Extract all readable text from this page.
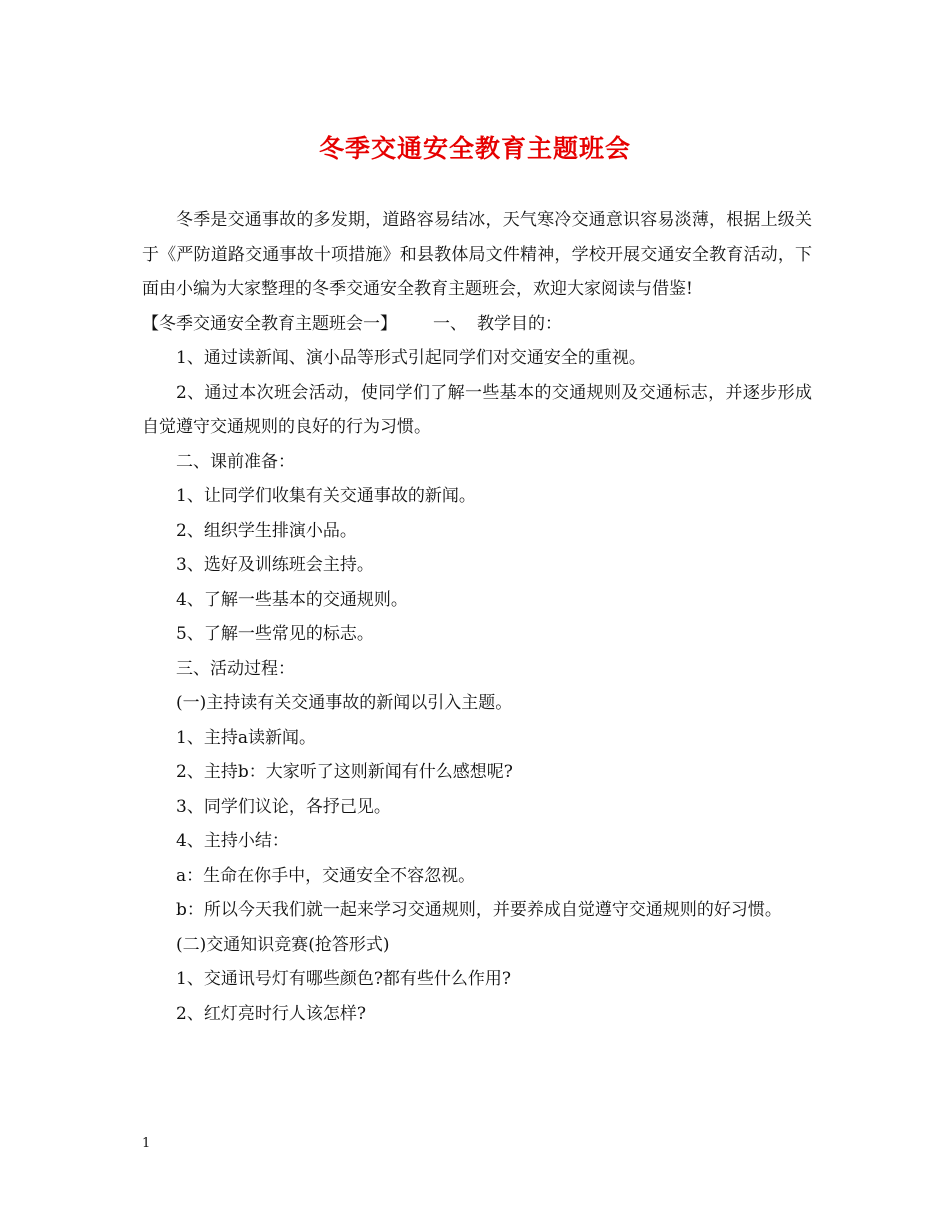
冬季交通安全教育主题班会

冬季是交通事故的多发期，道路容易结冰，天气寒冷交通意识容易淡薄，根据上级关于《严防道路交通事故十项措施》和县教体局文件精神，学校开展交通安全教育活动，下面由小编为大家整理的冬季交通安全教育主题班会，欢迎大家阅读与借鉴!

【冬季交通安全教育主题班会一】 一、 教学目的：

1、通过读新闻、演小品等形式引起同学们对交通安全的重视。

2、通过本次班会活动，使同学们了解一些基本的交通规则及交通标志，并逐步形成自觉遵守交通规则的良好的行为习惯。

二、课前准备：

1、让同学们收集有关交通事故的新闻。

2、组织学生排演小品。

3、选好及训练班会主持。

4、了解一些基本的交通规则。

5、了解一些常见的标志。

三、活动过程：

(一)主持读有关交通事故的新闻以引入主题。

1、主持a读新闻。

2、主持b：大家听了这则新闻有什么感想呢?

3、同学们议论，各抒己见。

4、主持小结：

a：生命在你手中，交通安全不容忽视。

b：所以今天我们就一起来学习交通规则，并要养成自觉遵守交通规则的好习惯。

(二)交通知识竞赛(抢答形式)

1、交通讯号灯有哪些颜色?都有些什么作用?

2、红灯亮时行人该怎样?

1
